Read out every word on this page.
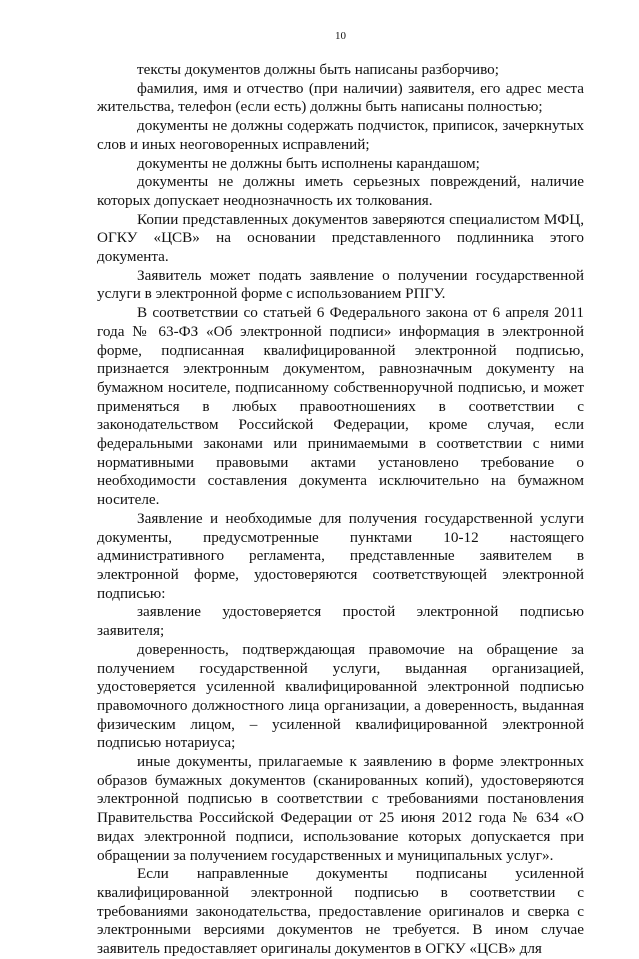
10

тексты документов должны быть написаны разборчиво;

фамилия, имя и отчество (при наличии) заявителя, его адрес места жительства, телефон (если есть) должны быть написаны полностью;

документы не должны содержать подчисток, приписок, зачеркнутых слов и иных неоговоренных исправлений;

документы не должны быть исполнены карандашом;

документы не должны иметь серьезных повреждений, наличие которых допускает неоднозначность их толкования.

Копии представленных документов заверяются специалистом МФЦ, ОГКУ «ЦСВ» на основании представленного подлинника этого документа.

Заявитель может подать заявление о получении государственной услуги в электронной форме с использованием РПГУ.

В соответствии со статьей 6 Федерального закона от 6 апреля 2011 года № 63-ФЗ «Об электронной подписи» информация в электронной форме, подписанная квалифицированной электронной подписью, признается электронным документом, равнозначным документу на бумажном носителе, подписанному собственноручной подписью, и может применяться в любых правоотношениях в соответствии с законодательством Российской Федерации, кроме случая, если федеральными законами или принимаемыми в соответствии с ними нормативными правовыми актами установлено требование о необходимости составления документа исключительно на бумажном носителе.

Заявление и необходимые для получения государственной услуги документы, предусмотренные пунктами 10-12 настоящего административного регламента, представленные заявителем в электронной форме, удостоверяются соответствующей электронной подписью:

заявление удостоверяется простой электронной подписью заявителя;

доверенность, подтверждающая правомочие на обращение за получением государственной услуги, выданная организацией, удостоверяется усиленной квалифицированной электронной подписью правомочного должностного лица организации, а доверенность, выданная физическим лицом, – усиленной квалифицированной электронной подписью нотариуса;

иные документы, прилагаемые к заявлению в форме электронных образов бумажных документов (сканированных копий), удостоверяются электронной подписью в соответствии с требованиями постановления Правительства Российской Федерации от 25 июня 2012 года № 634 «О видах электронной подписи, использование которых допускается при обращении за получением государственных и муниципальных услуг».

Если направленные документы подписаны усиленной квалифицированной электронной подписью в соответствии с требованиями законодательства, предоставление оригиналов и сверка с электронными версиями документов не требуется. В ином случае заявитель предоставляет оригиналы документов в ОГКУ «ЦСВ» для
